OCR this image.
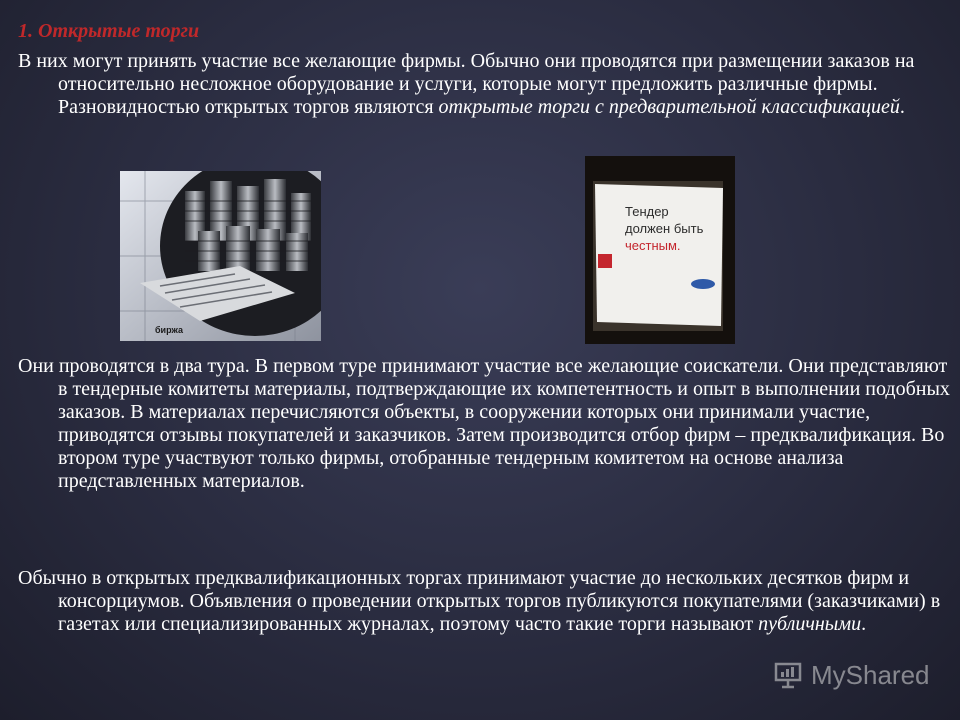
1. Открытые торги

В них могут принять участие все желающие фирмы. Обычно они проводятся при размещении заказов на относительно несложное оборудование и услуги, которые могут предложить различные фирмы. Разновидностью открытых торгов являются открытые торги с предварительной классификацией.

биржа
Тендер
должен быть
честным.

Они проводятся в два тура. В первом туре принимают участие все желающие соискатели. Они представляют в тендерные комитеты материалы, подтверждающие их компетентность и опыт в выполнении подобных заказов. В материалах перечисляются объекты, в сооружении которых они принимали участие, приводятся отзывы покупателей и заказчиков. Затем производится отбор фирм – предквалификация. Во втором туре участвуют только фирмы, отобранные тендерным комитетом на основе анализа представленных материалов.

Обычно в открытых предквалификационных торгах принимают участие до нескольких десятков фирм и консорциумов. Объявления о проведении открытых торгов публикуются покупателями (заказчиками) в газетах или специализированных журналах, поэтому часто такие торги называют публичными.

MyShared
